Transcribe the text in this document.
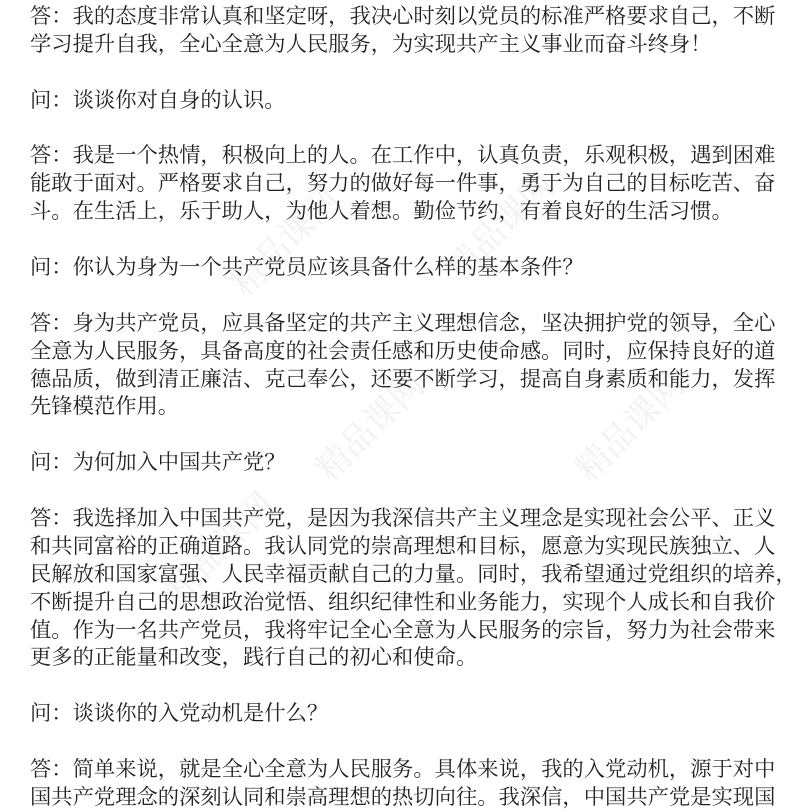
精品课网	精品课网
精品课网
精品课网
精品课网
答：我的态度非常认真和坚定呀，我决心时刻以党员的标准严格要求自己，不断
学习提升自我，全心全意为人民服务，为实现共产主义事业而奋斗终身！
问：谈谈你对自身的认识。
答：我是一个热情，积极向上的人。在工作中，认真负责，乐观积极，遇到困难
能敢于面对。严格要求自己，努力的做好每一件事，勇于为自己的目标吃苦、奋
斗。在生活上，乐于助人，为他人着想。勤俭节约，有着良好的生活习惯。
问：你认为身为一个共产党员应该具备什么样的基本条件？
答：身为共产党员，应具备坚定的共产主义理想信念，坚决拥护党的领导，全心
全意为人民服务，具备高度的社会责任感和历史使命感。同时，应保持良好的道
德品质，做到清正廉洁、克己奉公，还要不断学习，提高自身素质和能力，发挥
先锋模范作用。
问：为何加入中国共产党？
答：我选择加入中国共产党，是因为我深信共产主义理念是实现社会公平、正义
和共同富裕的正确道路。我认同党的崇高理想和目标，愿意为实现民族独立、人
民解放和国家富强、人民幸福贡献自己的力量。同时，我希望通过党组织的培养，
不断提升自己的思想政治觉悟、组织纪律性和业务能力，实现个人成长和自我价
值。作为一名共产党员，我将牢记全心全意为人民服务的宗旨，努力为社会带来
更多的正能量和改变，践行自己的初心和使命。
问：谈谈你的入党动机是什么？
答：简单来说，就是全心全意为人民服务。具体来说，我的入党动机，源于对中
国共产党理念的深刻认同和崇高理想的热切向往。我深信，中国共产党是实现国
